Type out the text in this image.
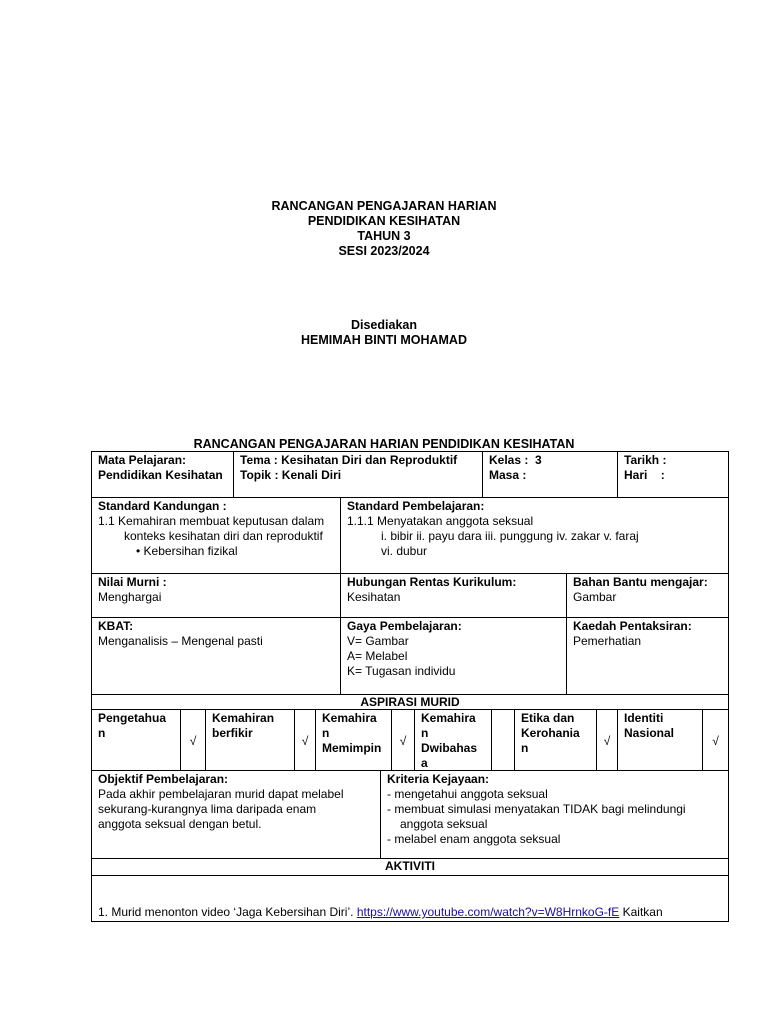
RANCANGAN PENGAJARAN HARIAN
PENDIDIKAN KESIHATAN
TAHUN 3
SESI 2023/2024
Disediakan
HEMIMAH BINTI MOHAMAD
RANCANGAN PENGAJARAN HARIAN PENDIDIKAN KESIHATAN
Mata Pelajaran:
Pendidikan Kesihatan
Tema : Kesihatan Diri dan Reproduktif
Topik : Kenali Diri
Kelas : 3
Masa :
Tarikh :
Hari :
Standard Kandungan :
1.1 Kemahiran membuat keputusan dalam
konteks kesihatan diri dan reproduktif
• Kebersihan fizikal
Standard Pembelajaran:
1.1.1 Menyatakan anggota seksual
i. bibir ii. payu dara iii. punggung iv. zakar v. faraj
vi. dubur
Nilai Murni :
Menghargai
Hubungan Rentas Kurikulum:
Kesihatan
Bahan Bantu mengajar:
Gambar
KBAT:
Menganalisis – Mengenal pasti
Gaya Pembelajaran:
V= Gambar
A= Melabel
K= Tugasan individu
Kaedah Pentaksiran:
Pemerhatian
ASPIRASI MURID
Pengetahua n
√
Kemahiran berfikir
√
Kemahira n Memimpin	√
Kemahira n Dwibahas a
Etika dan Kerohania n	√
Identiti Nasional
√
Objektif Pembelajaran:
Pada akhir pembelajaran murid dapat melabel
sekurang-kurangnya lima daripada enam
anggota seksual dengan betul.
Kriteria Kejayaan:
- mengetahui anggota seksual
- membuat simulasi menyatakan TIDAK bagi melindungi
anggota seksual
- melabel enam anggota seksual
AKTIVITI
1. Murid menonton video ‘Jaga Kebersihan Diri’. https://www.youtube.com/watch?v=W8HrnkoG-fE Kaitkan
